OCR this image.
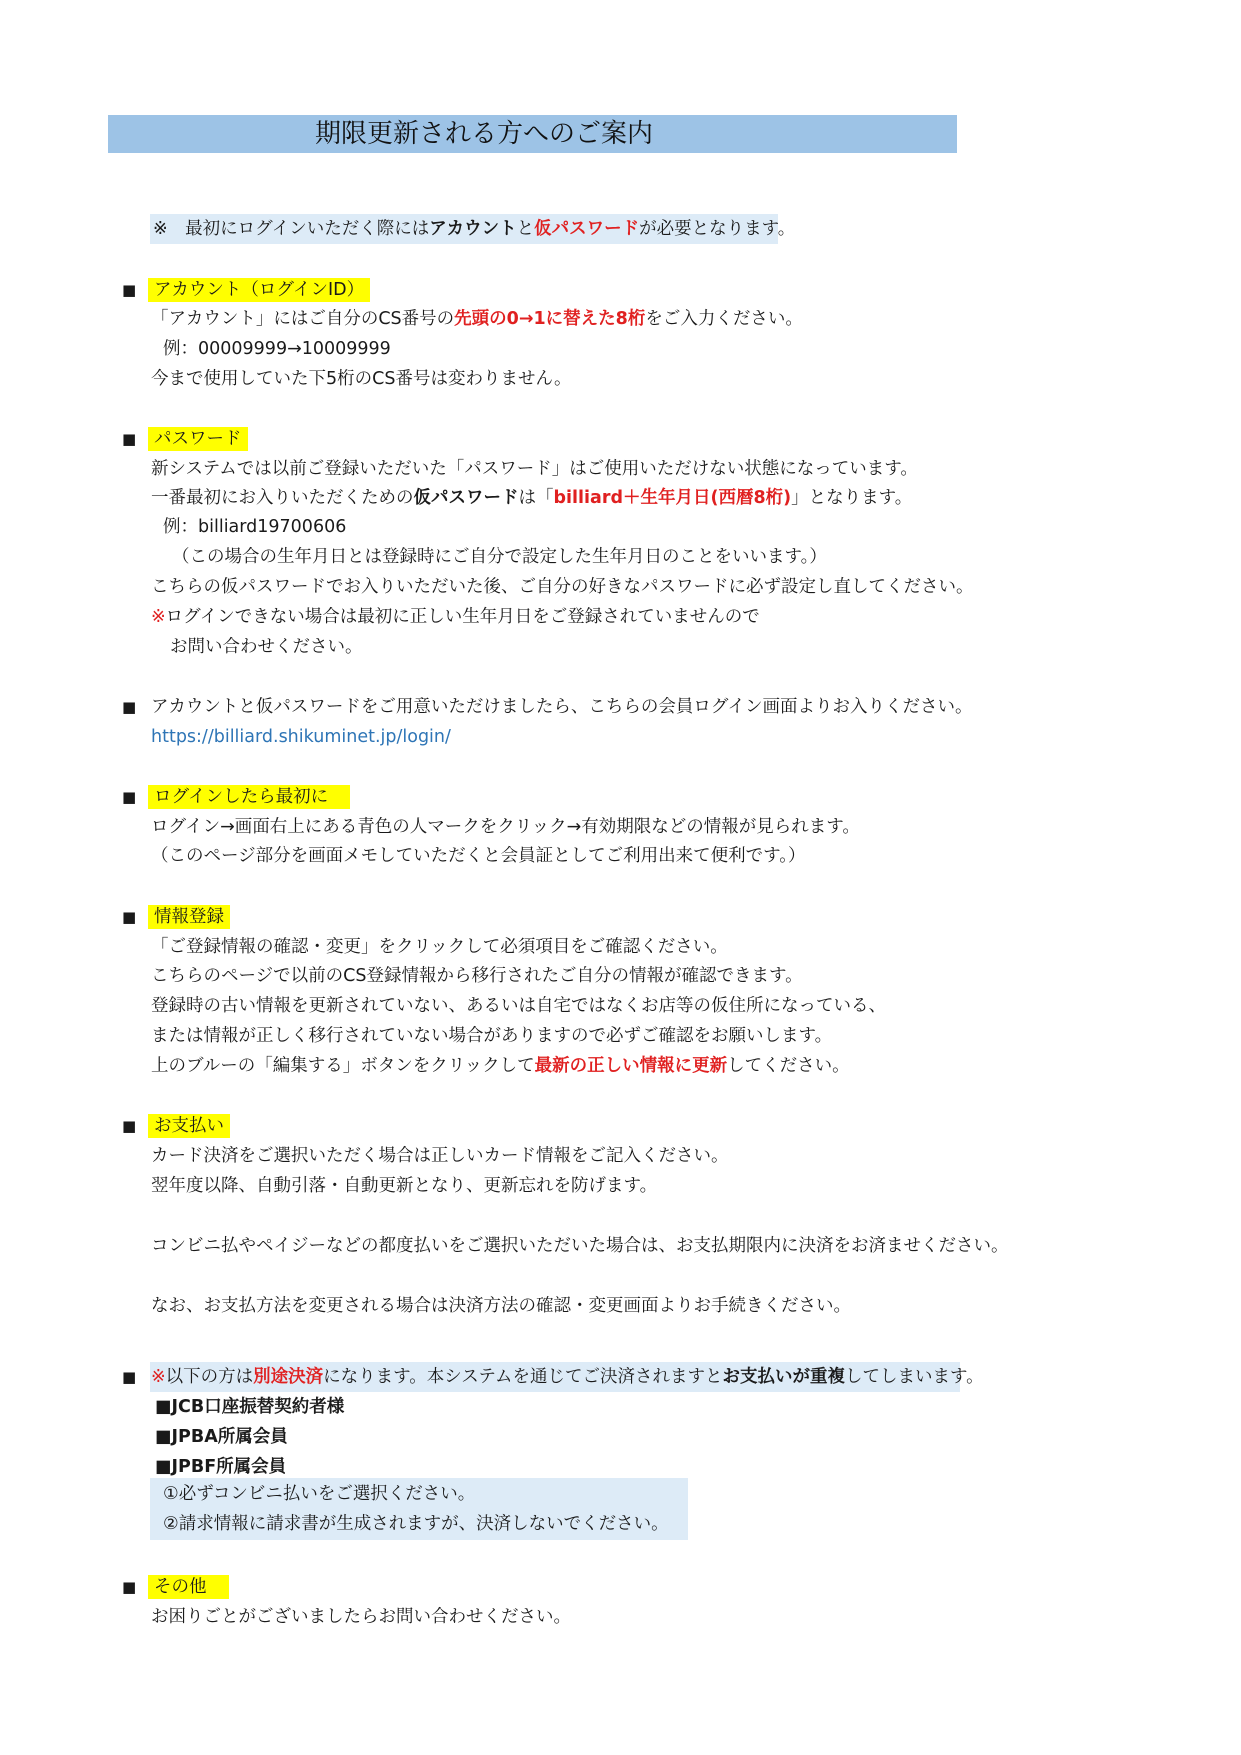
期限更新される方へのご案内
※　最初にログインいただく際にはアカウントと仮パスワードが必要となります。
■ アカウント（ログインID）
「アカウント」にはご自分のCS番号の先頭の0→1に替えた8桁をご入力ください。
例：00009999→10009999
今まで使用していた下5桁のCS番号は変わりません。
■ パスワード
新システムでは以前ご登録いただいた「パスワード」はご使用いただけない状態になっています。
一番最初にお入りいただくための仮パスワードは「billiard＋生年月日(西暦8桁)」となります。
例：billiard19700606
（この場合の生年月日とは登録時にご自分で設定した生年月日のことをいいます。）
こちらの仮パスワードでお入りいただいた後、ご自分の好きなパスワードに必ず設定し直してください。
※ログインできない場合は最初に正しい生年月日をご登録されていませんので
お問い合わせください。
■ アカウントと仮パスワードをご用意いただけましたら、こちらの会員ログイン画面よりお入りください。
https://billiard.shikuminet.jp/login/
■ ログインしたら最初に
ログイン→画面右上にある青色の人マークをクリック→有効期限などの情報が見られます。
（このページ部分を画面メモしていただくと会員証としてご利用出来て便利です。）
■ 情報登録
「ご登録情報の確認・変更」をクリックして必須項目をご確認ください。
こちらのページで以前のCS登録情報から移行されたご自分の情報が確認できます。
登録時の古い情報を更新されていない、あるいは自宅ではなくお店等の仮住所になっている、
または情報が正しく移行されていない場合がありますので必ずご確認をお願いします。
上のブルーの「編集する」ボタンをクリックして最新の正しい情報に更新してください。
■ お支払い
カード決済をご選択いただく場合は正しいカード情報をご記入ください。
翌年度以降、自動引落・自動更新となり、更新忘れを防げます。
コンビニ払やペイジーなどの都度払いをご選択いただいた場合は、お支払期限内に決済をお済ませください。
なお、お支払方法を変更される場合は決済方法の確認・変更画面よりお手続きください。
■ ※以下の方は別途決済になります。本システムを通じてご決済されますとお支払いが重複してしまいます。
■JCB口座振替契約者様
■JPBA所属会員
■JPBF所属会員
①必ずコンビニ払いをご選択ください。
②請求情報に請求書が生成されますが、決済しないでください。
■ その他
お困りごとがございましたらお問い合わせください。
